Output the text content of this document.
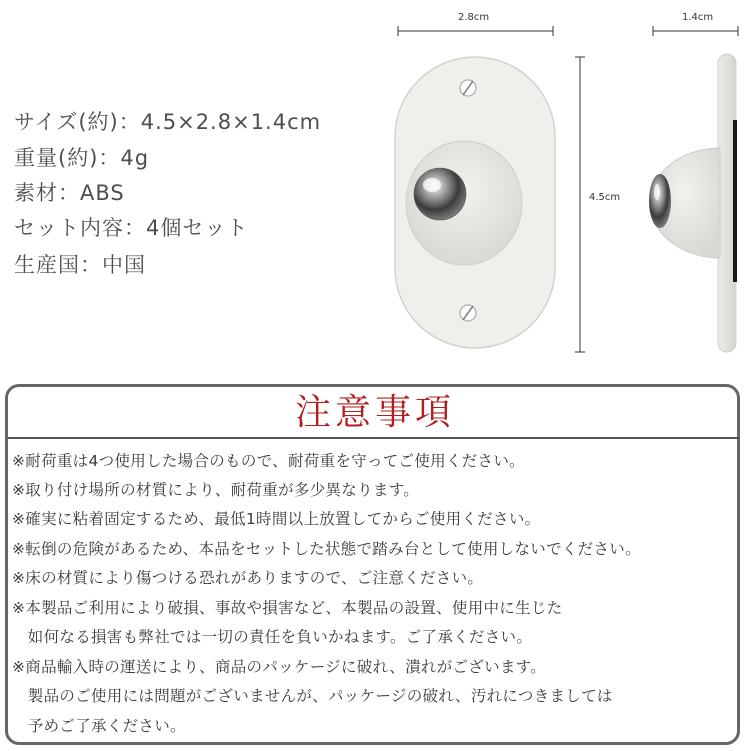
サイズ(約)：4.5×2.8×1.4cm
重量(約)：4g
素材：ABS
セット内容：4個セット
生産国：中国
2.8cm	1.4cm
4.5cm
注意事項
※耐荷重は4つ使用した場合のもので、耐荷重を守ってご使用ください。
※取り付け場所の材質により、耐荷重が多少異なります。
※確実に粘着固定するため、最低1時間以上放置してからご使用ください。
※転倒の危険があるため、本品をセットした状態で踏み台として使用しないでください。
※床の材質により傷つける恐れがありますので、ご注意ください。
※本製品ご利用により破損、事故や損害など、本製品の設置、使用中に生じた
　如何なる損害も弊社では一切の責任を負いかねます。ご了承ください。
※商品輸入時の運送により、商品のパッケージに破れ、潰れがございます。
　製品のご使用には問題がございませんが、パッケージの破れ、汚れにつきましては
　予めご了承ください。
